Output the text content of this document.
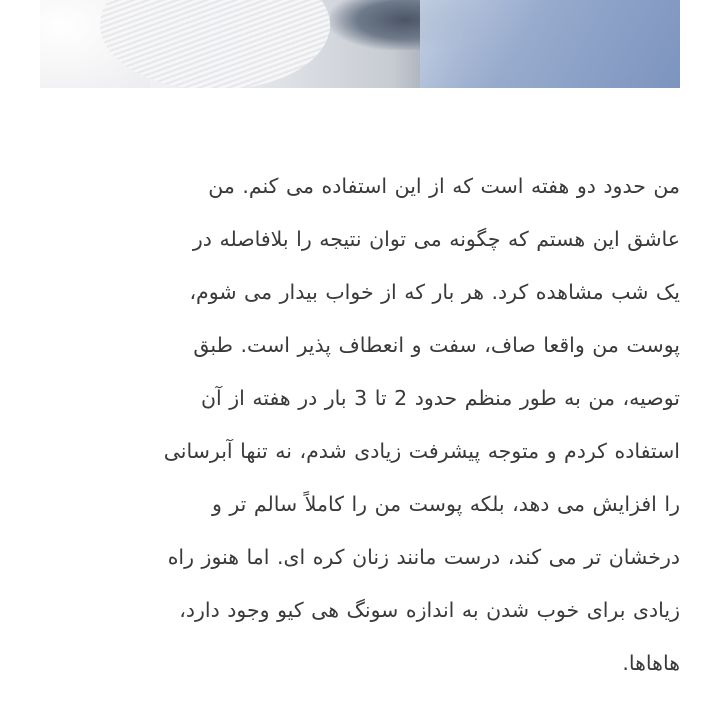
من حدود دو هفته است که از این استفاده می کنم. من
عاشق این هستم که چگونه می توان نتیجه را بلافاصله در
یک شب مشاهده کرد. هر بار که از خواب بیدار می شوم،
پوست من واقعا صاف، سفت و انعطاف پذیر است. طبق
توصیه، من به طور منظم حدود 2 تا 3 بار در هفته از آن
استفاده کردم و متوجه پیشرفت زیادی شدم، نه تنها آبرسانی
را افزایش می دهد، بلکه پوست من را کاملاً سالم تر و
درخشان تر می کند، درست مانند زنان کره ای. اما هنوز راه
زیادی برای خوب شدن به اندازه سونگ هی کیو وجود دارد،
هاهاها.
